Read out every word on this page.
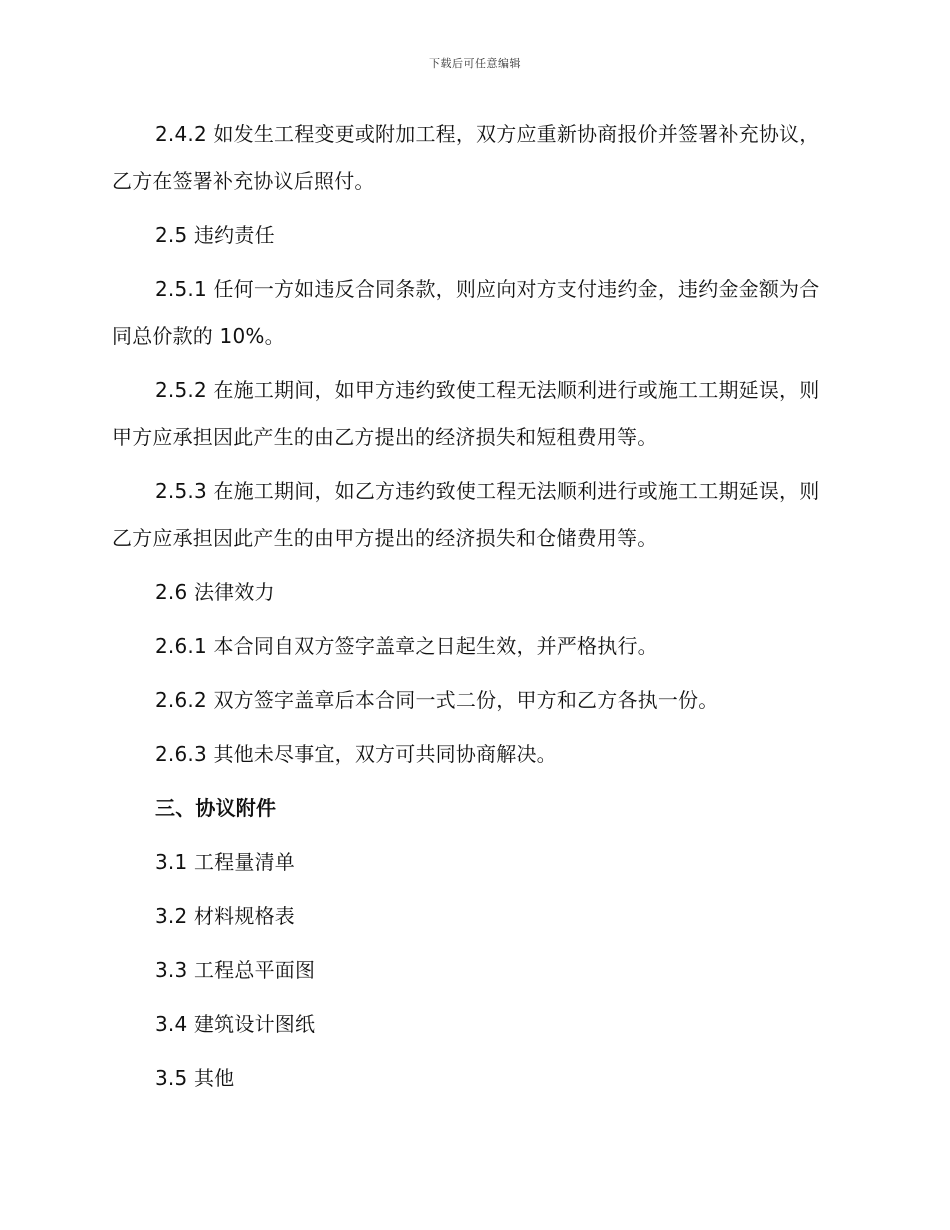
下载后可任意编辑

2.4.2 如发生工程变更或附加工程，双方应重新协商报价并签署补充协议，乙方在签署补充协议后照付。

2.5 违约责任

2.5.1 任何一方如违反合同条款，则应向对方支付违约金，违约金金额为合同总价款的 10%。

2.5.2 在施工期间，如甲方违约致使工程无法顺利进行或施工工期延误，则甲方应承担因此产生的由乙方提出的经济损失和短租费用等。

2.5.3 在施工期间，如乙方违约致使工程无法顺利进行或施工工期延误，则乙方应承担因此产生的由甲方提出的经济损失和仓储费用等。

2.6 法律效力

2.6.1 本合同自双方签字盖章之日起生效，并严格执行。

2.6.2 双方签字盖章后本合同一式二份，甲方和乙方各执一份。

2.6.3 其他未尽事宜，双方可共同协商解决。

三、协议附件

3.1 工程量清单

3.2 材料规格表

3.3 工程总平面图

3.4 建筑设计图纸

3.5 其他
